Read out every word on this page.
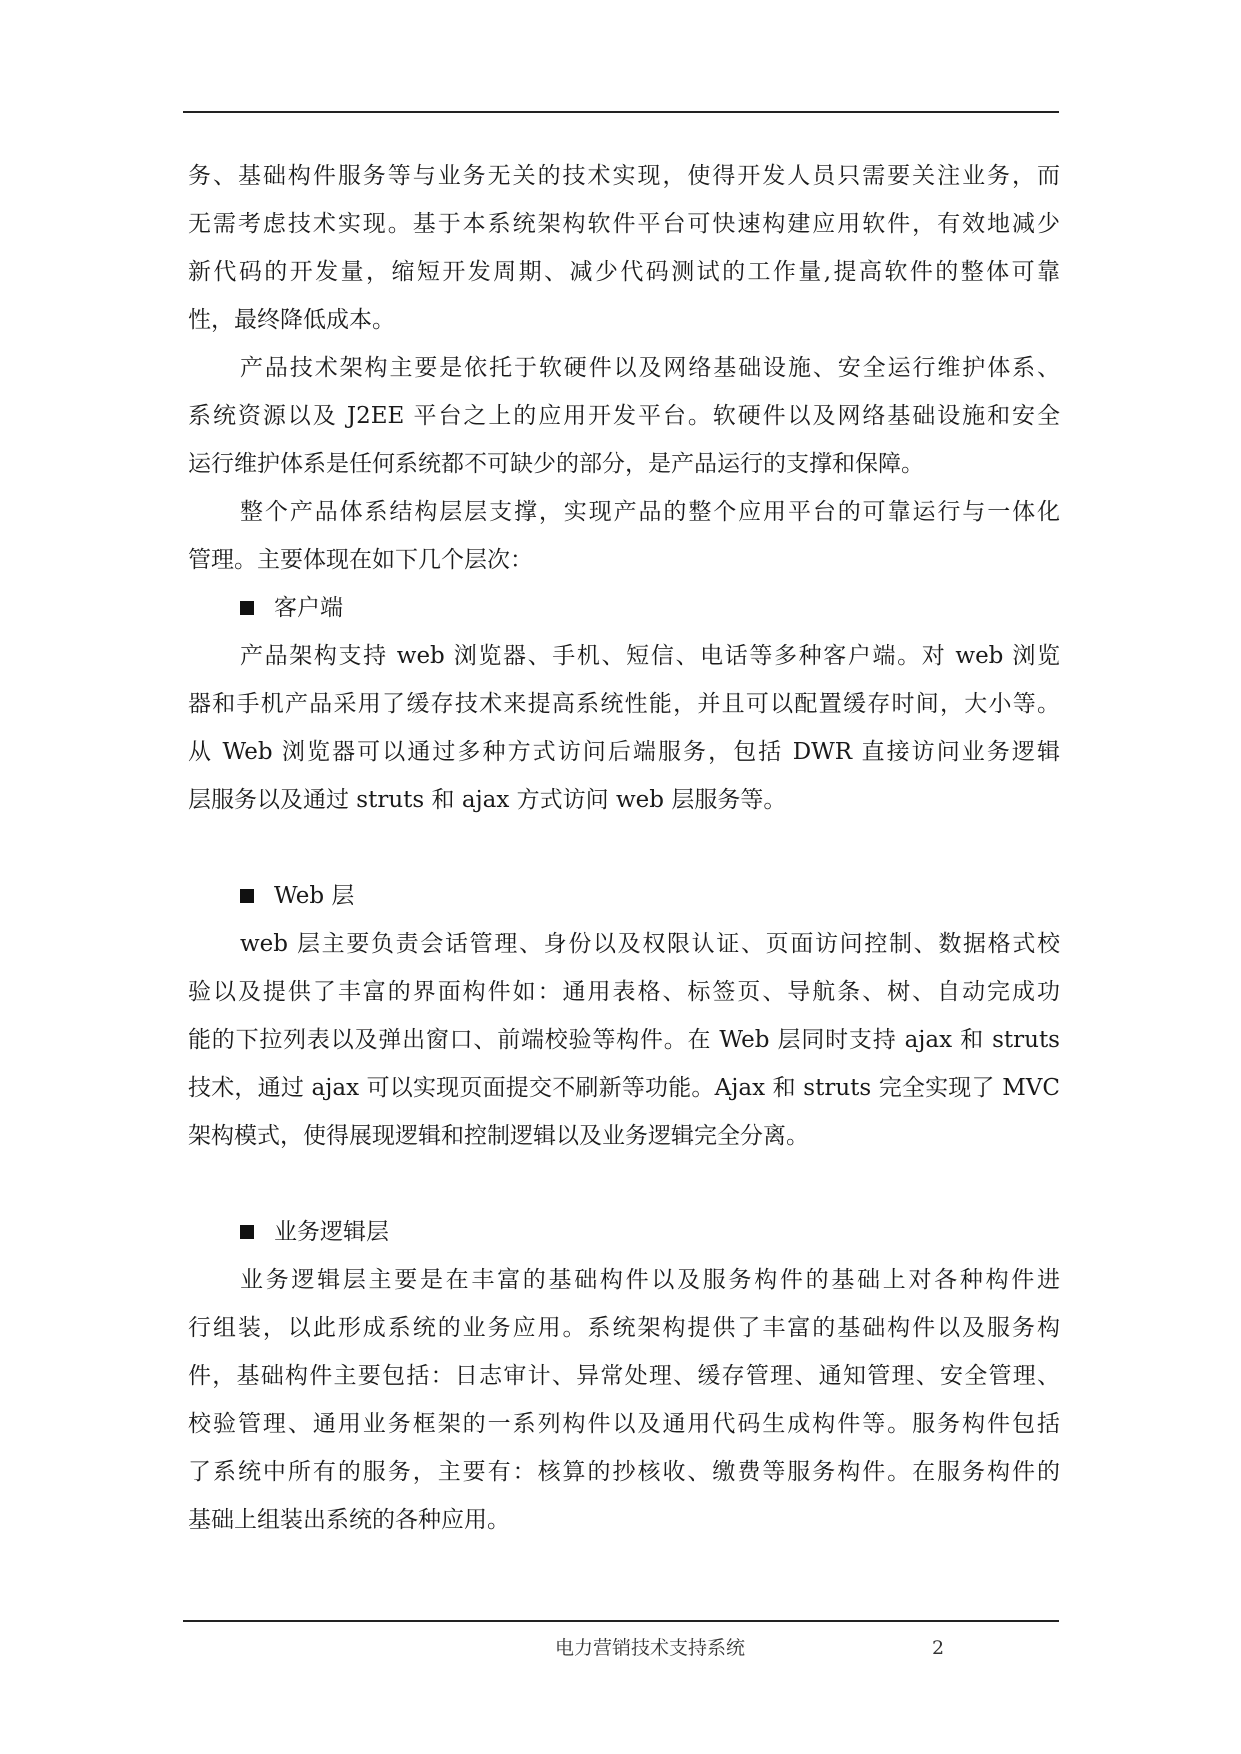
务、基础构件服务等与业务无关的技术实现，使得开发人员只需要关注业务，而
无需考虑技术实现。基于本系统架构软件平台可快速构建应用软件，有效地减少
新代码的开发量，缩短开发周期、减少代码测试的工作量,提高软件的整体可靠
性，最终降低成本。
产品技术架构主要是依托于软硬件以及网络基础设施、安全运行维护体系、
系统资源以及 J2EE 平台之上的应用开发平台。软硬件以及网络基础设施和安全
运行维护体系是任何系统都不可缺少的部分，是产品运行的支撑和保障。
整个产品体系结构层层支撑，实现产品的整个应用平台的可靠运行与一体化
管理。主要体现在如下几个层次：
客户端
产品架构支持 web 浏览器、手机、短信、电话等多种客户端。对 web 浏览
器和手机产品采用了缓存技术来提高系统性能，并且可以配置缓存时间，大小等。
从 Web 浏览器可以通过多种方式访问后端服务，包括 DWR 直接访问业务逻辑
层服务以及通过 struts 和 ajax 方式访问 web 层服务等。
Web 层
web 层主要负责会话管理、身份以及权限认证、页面访问控制、数据格式校
验以及提供了丰富的界面构件如：通用表格、标签页、导航条、树、自动完成功
能的下拉列表以及弹出窗口、前端校验等构件。在 Web 层同时支持 ajax 和 struts
技术，通过 ajax 可以实现页面提交不刷新等功能。Ajax 和 struts 完全实现了 MVC
架构模式，使得展现逻辑和控制逻辑以及业务逻辑完全分离。
业务逻辑层
业务逻辑层主要是在丰富的基础构件以及服务构件的基础上对各种构件进
行组装，以此形成系统的业务应用。系统架构提供了丰富的基础构件以及服务构
件，基础构件主要包括：日志审计、异常处理、缓存管理、通知管理、安全管理、
校验管理、通用业务框架的一系列构件以及通用代码生成构件等。服务构件包括
了系统中所有的服务，主要有：核算的抄核收、缴费等服务构件。在服务构件的
基础上组装出系统的各种应用。
电力营销技术支持系统	2
